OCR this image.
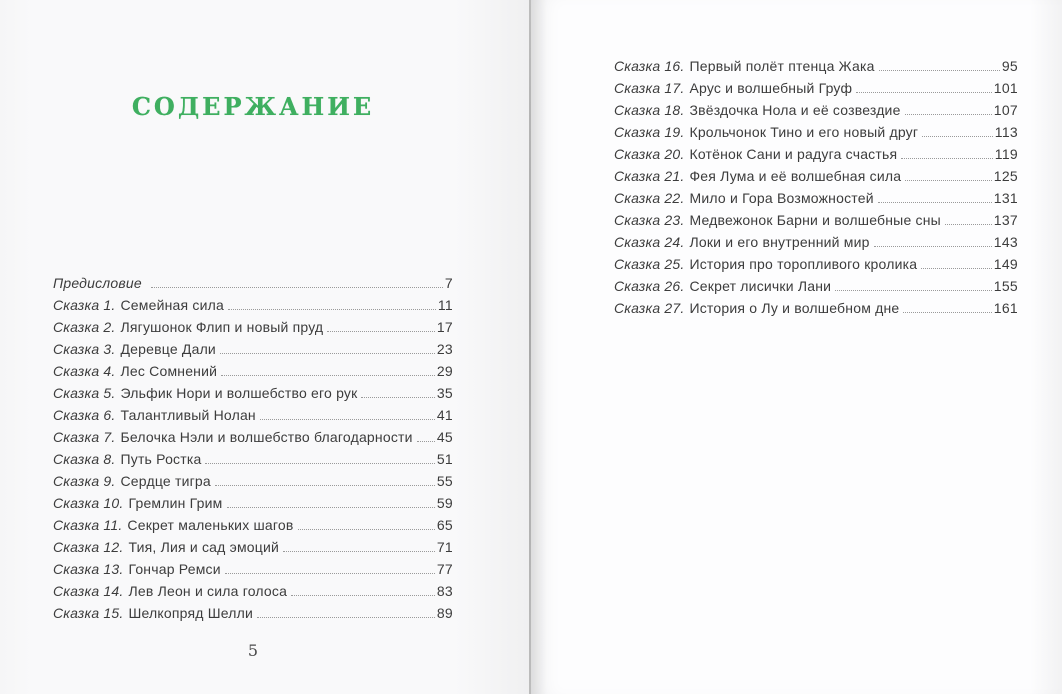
СОДЕРЖАНИЕ
Предисловие	7
Сказка 1. Семейная сила	11
Сказка 2. Лягушонок Флип и новый пруд	17
Сказка 3. Деревце Дали	23
Сказка 4. Лес Сомнений	29
Сказка 5. Эльфик Нори и волшебство его рук	35
Сказка 6. Талантливый Нолан	41
Сказка 7. Белочка Нэли и волшебство благодарности 45
Сказка 8. Путь Ростка	51
Сказка 9. Сердце тигра	55
Сказка 10. Гремлин Грим	59
Сказка 11. Секрет маленьких шагов	65
Сказка 12. Тия, Лия и сад эмоций	71
Сказка 13. Гончар Ремси	77
Сказка 14. Лев Леон и сила голоса	83
Сказка 15. Шелкопряд Шелли	89
5
Сказка 16. Первый полёт птенца Жака	95
Сказка 17. Арус и волшебный Груф	101
Сказка 18. Звёздочка Нола и её созвездие	107
Сказка 19. Крольчонок Тино и его новый друг	113
Сказка 20. Котёнок Сани и радуга счастья	119
Сказка 21. Фея Лума и её волшебная сила	125
Сказка 22. Мило и Гора Возможностей	131
Сказка 23. Медвежонок Барни и волшебные сны	137
Сказка 24. Локи и его внутренний мир	143
Сказка 25. История про торопливого кролика	149
Сказка 26. Секрет лисички Лани	155
Сказка 27. История о Лу и волшебном дне	161
